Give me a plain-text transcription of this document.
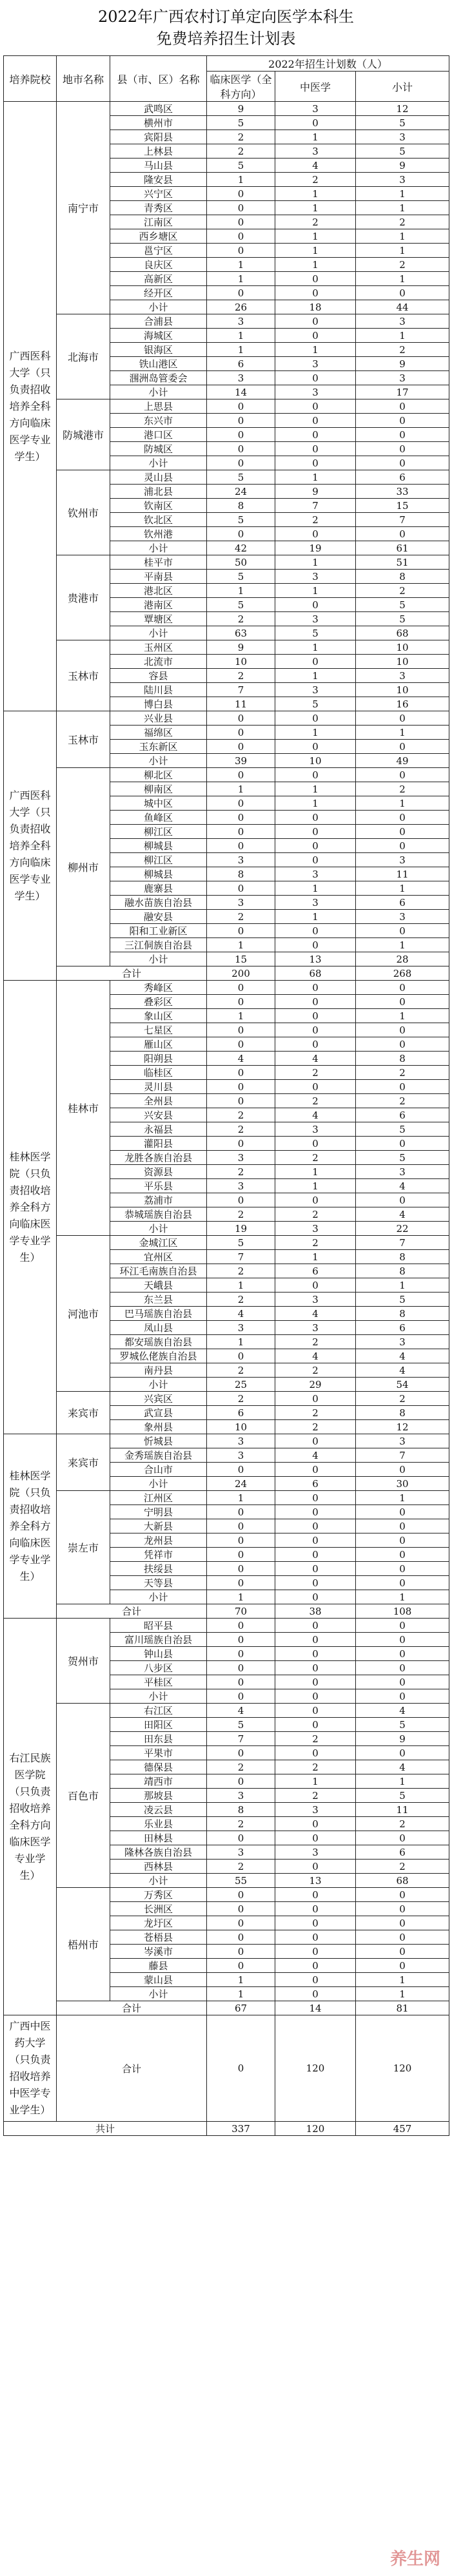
2022年广西农村订单定向医学本科生
免费培养招生计划表
培养院校	地市名称	县（市、区）名称	2022年招生计划数（人）		
			临床医学（全科方向）	中医学	小计
广西医科大学（只负责招收培养全科方向临床医学专业学生）	南宁市	武鸣区	9	3	12
		横州市	5	0	5
		宾阳县	2	1	3
		上林县	2	3	5
		马山县	5	4	9
		隆安县	1	2	3
		兴宁区	0	1	1
		青秀区	0	1	1
		江南区	0	2	2
		西乡塘区	0	1	1
		邕宁区	0	1	1
		良庆区	1	1	2
		高新区	1	0	1
		经开区	0	0	0
		小计	26	18	44
	北海市	合浦县	3	0	3
		海城区	1	0	1
		银海区	1	1	2
		铁山港区	6	3	9
		涠洲岛管委会	3	0	3
		小计	14	3	17
	防城港市	上思县	0	0	0
		东兴市	0	0	0
		港口区	0	0	0
		防城区	0	0	0
		小计	0	0	0
	钦州市	灵山县	5	1	6
		浦北县	24	9	33
		钦南区	8	7	15
		钦北区	5	2	7
		钦州港	0	0	0
		小计	42	19	61
	贵港市	桂平市	50	1	51
		平南县	5	3	8
		港北区	1	1	2
		港南区	5	0	5
		覃塘区	2	3	5
		小计	63	5	68
	玉林市	玉州区	9	1	10
		北流市	10	0	10
		容县	2	1	3
		陆川县	7	3	10
		博白县	11	5	16
广西医科大学（只负责招收培养全科方向临床医学专业学生）	玉林市	兴业县	0	0	0
		福绵区	0	1	1
		玉东新区	0	0	0
		小计	39	10	49
	柳州市	柳北区	0	0	0
		柳南区	1	1	2
		城中区	0	1	1
		鱼峰区	0	0	0
		柳江区	0	0	0
		柳城县	0	0	0
		柳江区	3	0	3
		柳城县	8	3	11
		鹿寨县	0	1	1
		融水苗族自治县	3	3	6
		融安县	2	1	3
		阳和工业新区	0	0	0
		三江侗族自治县	1	0	1
		小计	15	13	28
	合计		200	68	268
桂林医学院（只负责招收培养全科方向临床医学专业学生）	桂林市	秀峰区	0	0	0
		叠彩区	0	0	0
		象山区	1	0	1
		七星区	0	0	0
		雁山区	0	0	0
		阳朔县	4	4	8
		临桂区	0	2	2
		灵川县	0	0	0
		全州县	0	2	2
		兴安县	2	4	6
		永福县	2	3	5
		灌阳县	0	0	0
		龙胜各族自治县	3	2	5
		资源县	2	1	3
		平乐县	3	1	4
		荔浦市	0	0	0
		恭城瑶族自治县	2	2	4
		小计	19	3	22
	河池市	金城江区	5	2	7
		宜州区	7	1	8
		环江毛南族自治县	2	6	8
		天峨县	1	0	1
		东兰县	2	3	5
		巴马瑶族自治县	4	4	8
		凤山县	3	3	6
		都安瑶族自治县	1	2	3
		罗城仫佬族自治县	0	4	4
		南丹县	2	2	4
		小计	25	29	54
	来宾市	兴宾区	2	0	2
		武宣县	6	2	8
		象州县	10	2	12
桂林医学院（只负责招收培养全科方向临床医学专业学生）	来宾市	忻城县	3	0	3
		金秀瑶族自治县	3	4	7
		合山市	0	0	0
		小计	24	6	30
	崇左市	江州区	1	0	1
		宁明县	0	0	0
		大新县	0	0	0
		龙州县	0	0	0
		凭祥市	0	0	0
		扶绥县	0	0	0
		天等县	0	0	0
		小计	1	0	1
	合计		70	38	108
右江民族医学院（只负责招收培养全科方向临床医学专业学生）	贺州市	昭平县	0	0	0
		富川瑶族自治县	0	0	0
		钟山县	0	0	0
		八步区	0	0	0
		平桂区	0	0	0
		小计	0	0	0
	百色市	右江区	4	0	4
		田阳区	5	0	5
		田东县	7	2	9
		平果市	0	0	0
		德保县	2	2	4
		靖西市	0	1	1
		那坡县	3	2	5
		凌云县	8	3	11
		乐业县	2	0	2
		田林县	0	0	0
		隆林各族自治县	3	3	6
		西林县	2	0	2
		小计	55	13	68
	梧州市	万秀区	0	0	0
		长洲区	0	0	0
		龙圩区	0	0	0
		苍梧县	0	0	0
		岑溪市	0	0	0
		藤县	0	0	0
		蒙山县	1	0	1
		小计	1	0	1
	合计		67	14	81
广西中医药大学（只负责招收培养中医学专业学生）	合计		0	120	120
共计			337	120	457
养生网
